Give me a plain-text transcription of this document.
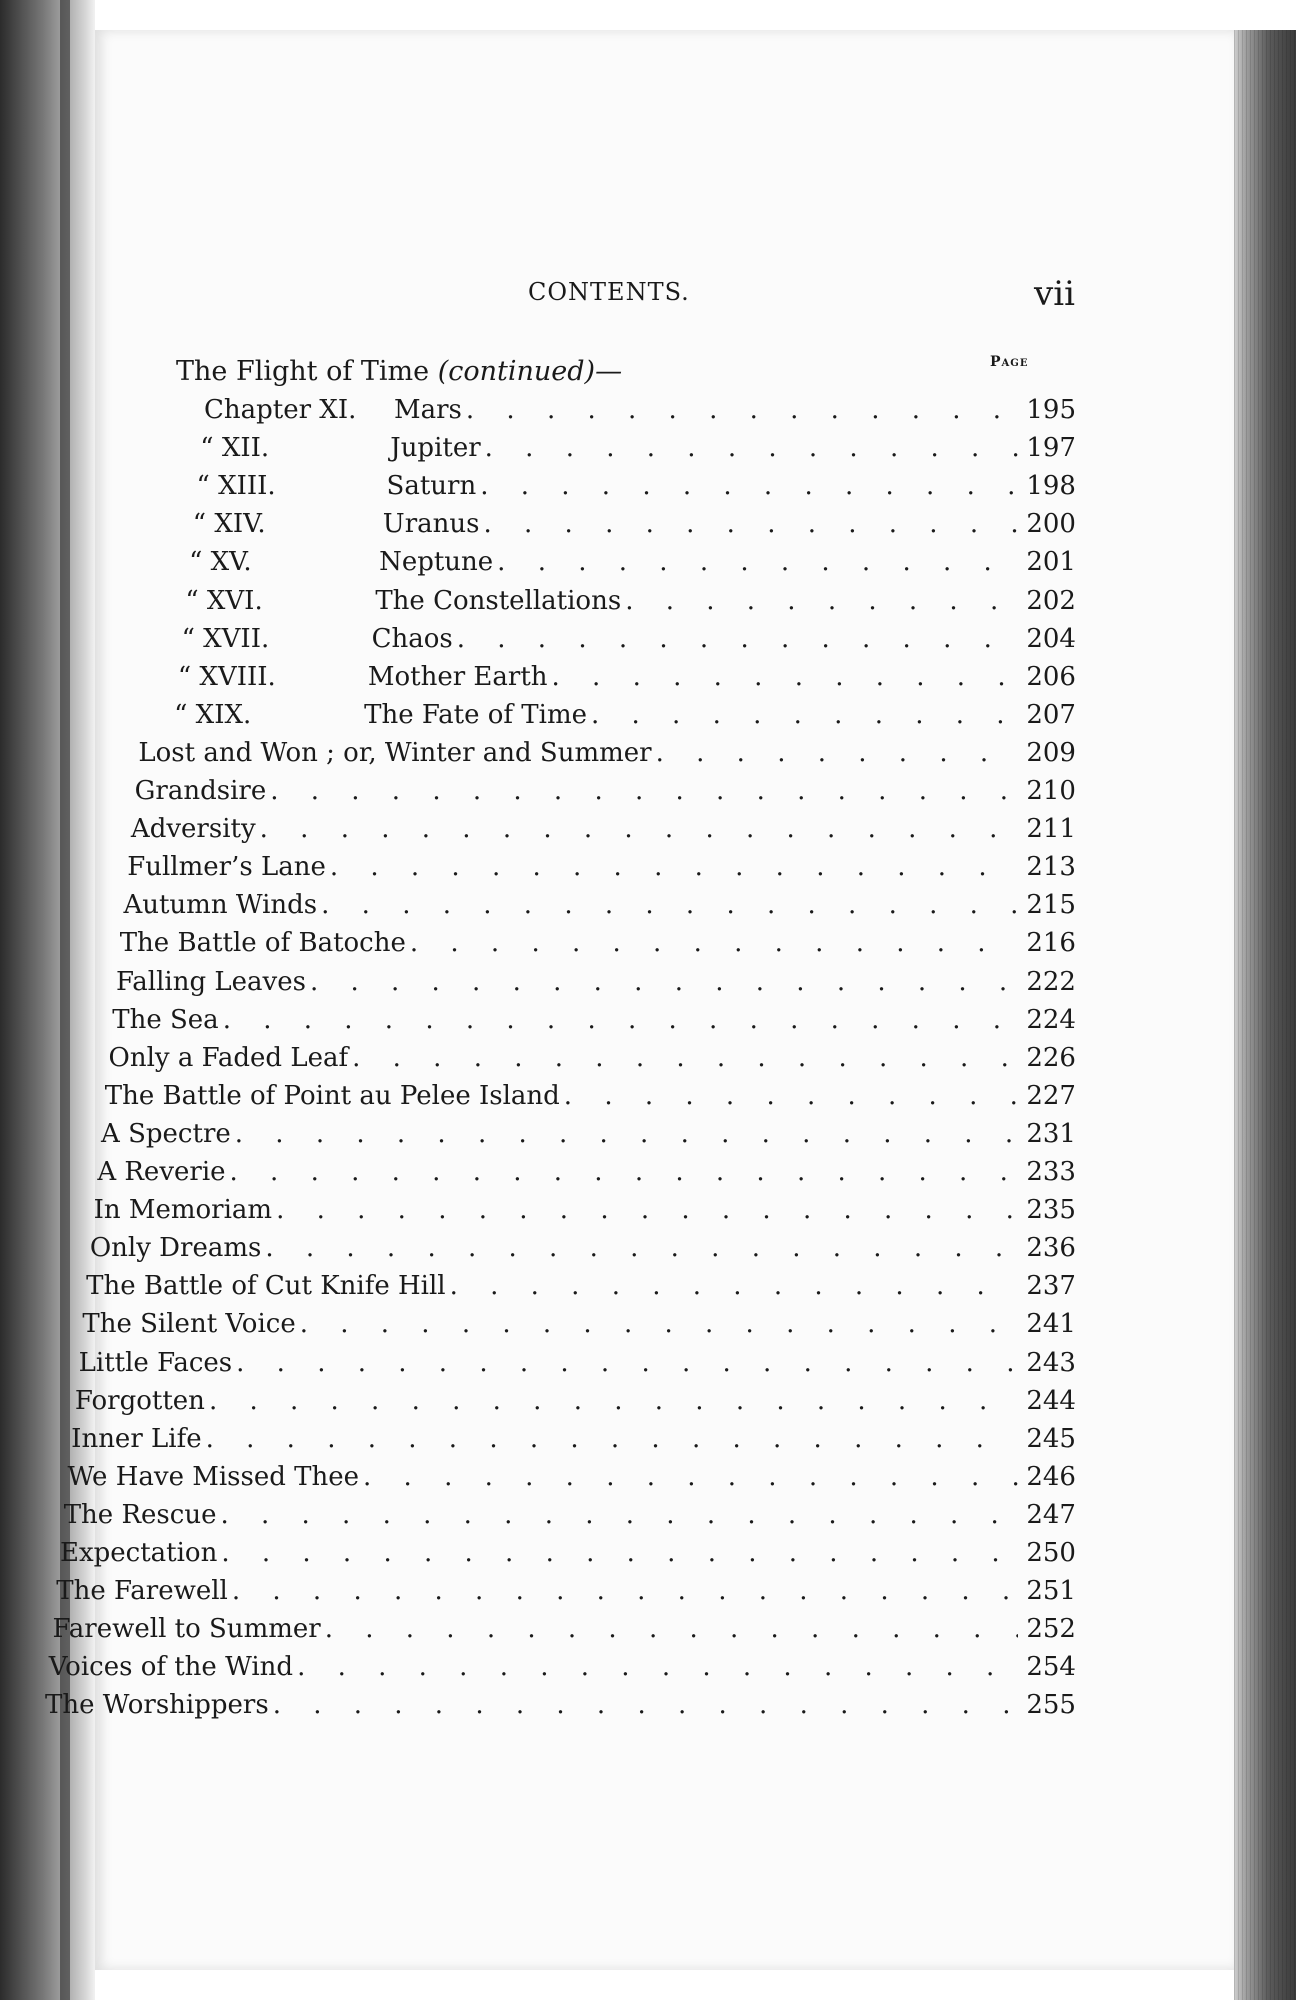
CONTENTS.	vii
Page
The Flight of Time (continued)—
Chapter XI.	Mars . . .	195
“ XII.	Jupiter . . .	197
“ XIII.	Saturn . . .	198
“ XIV.	Uranus . . .	200
“ XV.	Neptune . . .	201
“ XVI.	The Constellations . . .	202
“ XVII.	Chaos . . .	204
“ XVIII.	Mother Earth . . .	206
“ XIX.	The Fate of Time . . .	207
Lost and Won ; or, Winter and Summer . . .	209
Grandsire . . .	210
Adversity . . .	211
Fullmer’s Lane . . .	213
Autumn Winds . . .	215
The Battle of Batoche . . .	216
Falling Leaves . . .	222
The Sea . . .	224
Only a Faded Leaf . . .	226
The Battle of Point au Pelee Island . . .	227
A Spectre . . .	231
A Reverie . . .	233
In Memoriam . . .	235
Only Dreams . . .	236
The Battle of Cut Knife Hill . . .	237
The Silent Voice . . .	241
Little Faces . . .	243
Forgotten . . .	244
Inner Life . . .	245
We Have Missed Thee . . .	246
The Rescue . . .	247
Expectation . . .	250
The Farewell . . .	251
Farewell to Summer . . .	252
Voices of the Wind . . .	254
The Worshippers . . .	255
